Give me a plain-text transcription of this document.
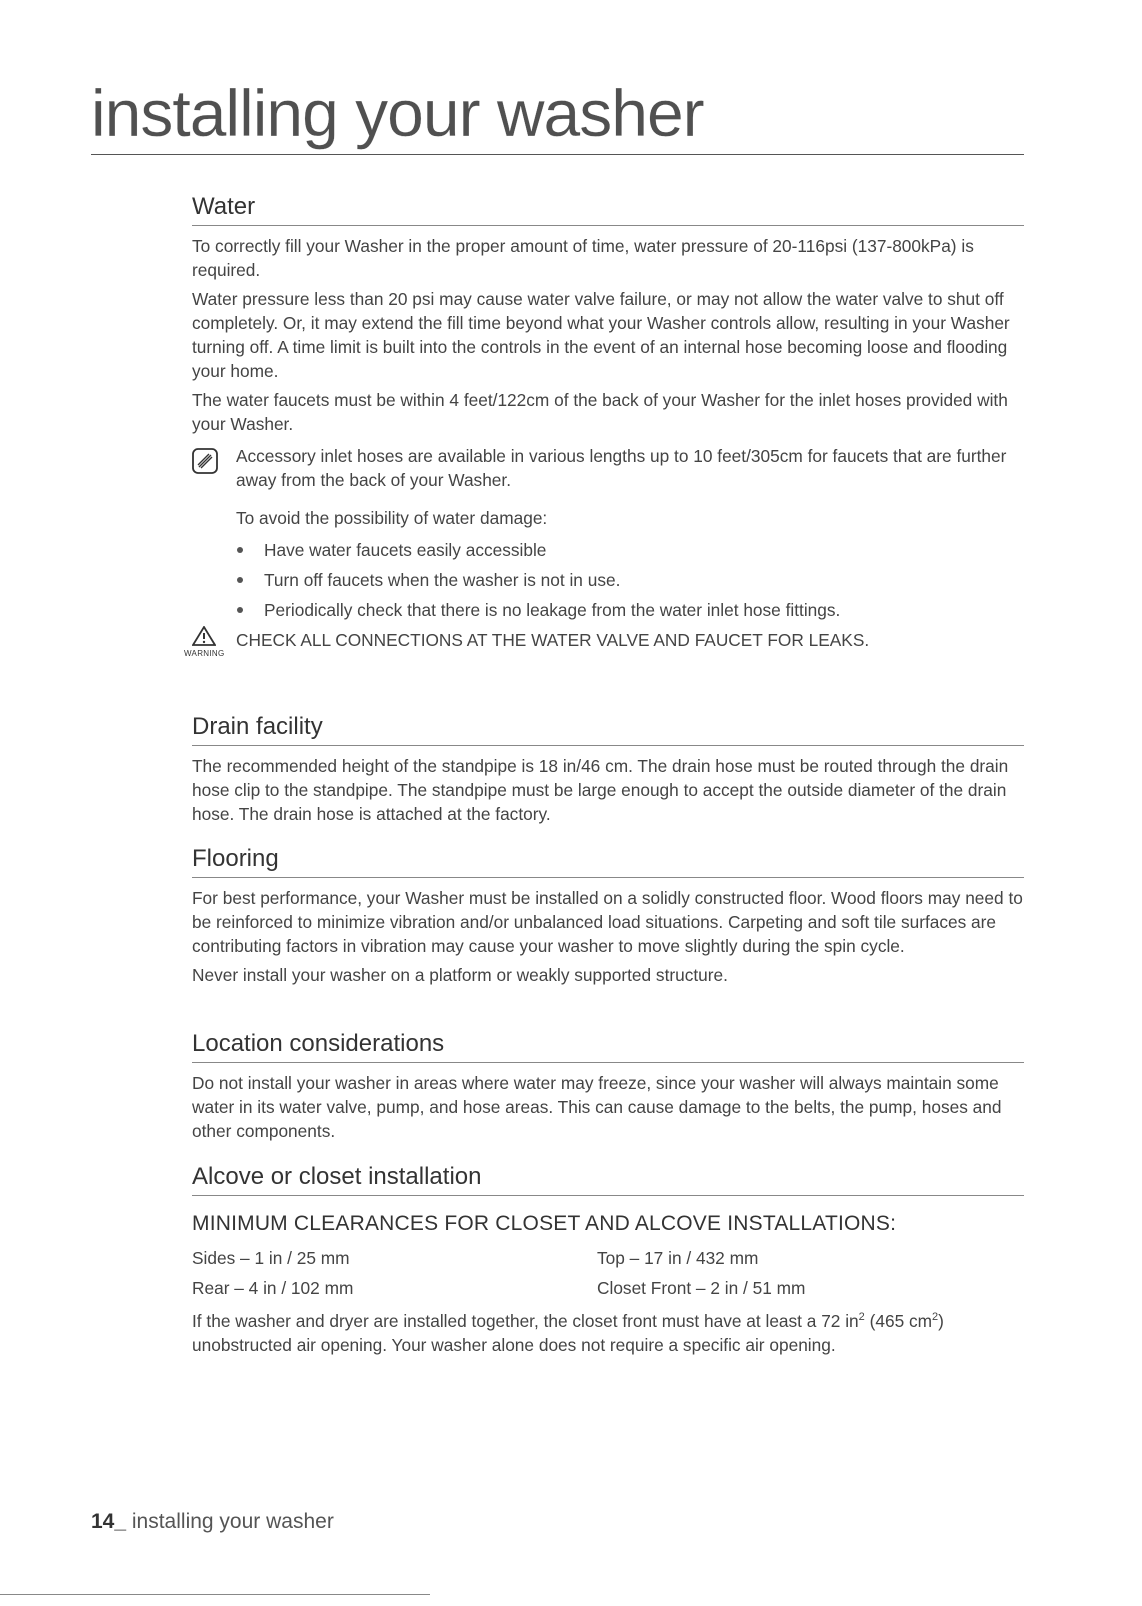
installing your washer
Water

To correctly fill your Washer in the proper amount of time, water pressure of 20-116psi (137-800kPa) is required.

Water pressure less than 20 psi may cause water valve failure, or may not allow the water valve to shut off completely. Or, it may extend the fill time beyond what your Washer controls allow, resulting in your Washer turning off. A time limit is built into the controls in the event of an internal hose becoming loose and flooding your home.

The water faucets must be within 4 feet/122cm of the back of your Washer for the inlet hoses provided with your Washer.

Accessory inlet hoses are available in various lengths up to 10 feet/305cm for faucets that are further away from the back of your Washer.

To avoid the possibility of water damage:

Have water faucets easily accessible
Turn off faucets when the washer is not in use.
Periodically check that there is no leakage from the water inlet hose fittings.
WARNING

CHECK ALL CONNECTIONS AT THE WATER VALVE AND FAUCET FOR LEAKS.

Drain facility

The recommended height of the standpipe is 18 in/46 cm. The drain hose must be routed through the drain hose clip to the standpipe. The standpipe must be large enough to accept the outside diameter of the drain hose. The drain hose is attached at the factory.

Flooring

For best performance, your Washer must be installed on a solidly constructed floor. Wood floors may need to be reinforced to minimize vibration and/or unbalanced load situations. Carpeting and soft tile surfaces are contributing factors in vibration may cause your washer to move slightly during the spin cycle.

Never install your washer on a platform or weakly supported structure.

Location considerations

Do not install your washer in areas where water may freeze, since your washer will always maintain some water in its water valve, pump, and hose areas. This can cause damage to the belts, the pump, hoses and other components.

Alcove or closet installation
MINIMUM CLEARANCES FOR CLOSET AND ALCOVE INSTALLATIONS:
Sides – 1 in / 25 mm	Top – 17 in / 432 mm
Rear – 4 in / 102 mm	Closet Front – 2 in / 51 mm

If the washer and dryer are installed together, the closet front must have at least a 72 $in^2$ (465 $cm^2$) unobstructed air opening. Your washer alone does not require a specific air opening.

14_ installing your washer
